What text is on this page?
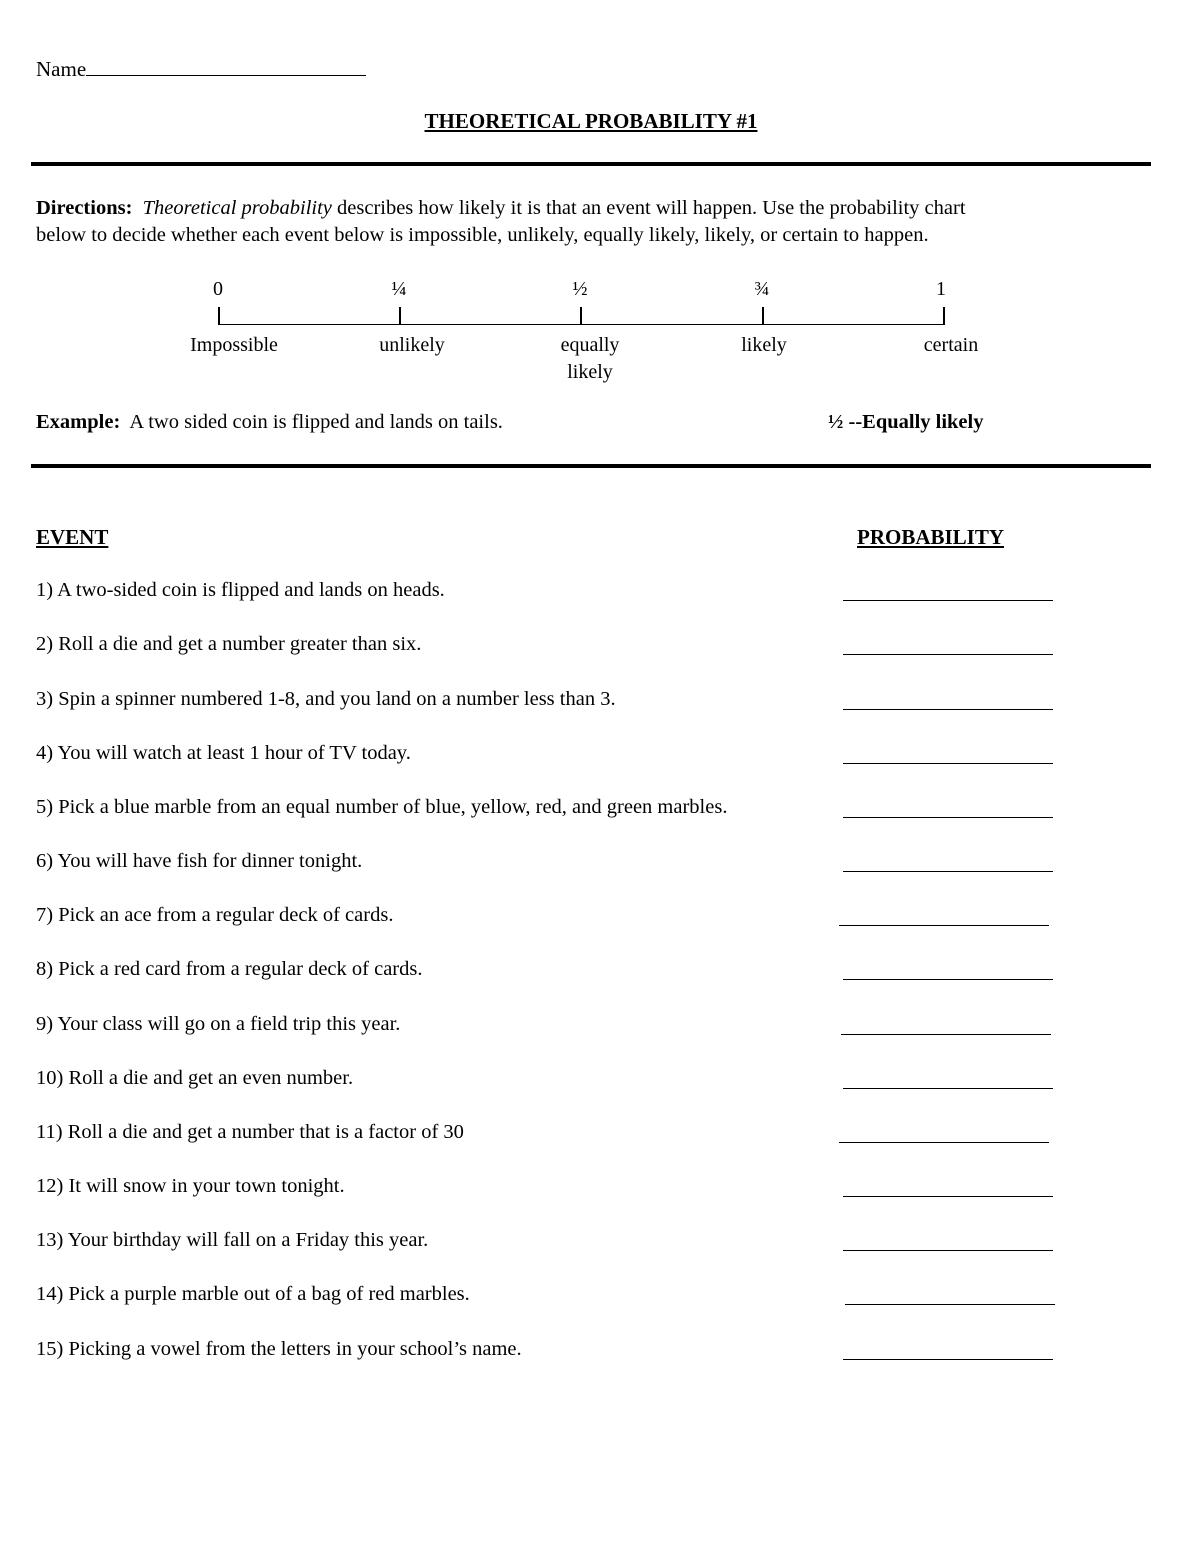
Name
THEORETICAL PROBABILITY #1
Directions: Theoretical probability describes how likely it is that an event will happen. Use the probability chart
below to decide whether each event below is impossible, unlikely, equally likely, likely, or certain to happen.
0	¼	½	¾	1
Impossible	unlikely	equally likely
likely	certain
Example: A two sided coin is flipped and lands on tails.	½ --Equally likely
EVENT	PROBABILITY
1) A two-sided coin is flipped and lands on heads.
2) Roll a die and get a number greater than six.
3) Spin a spinner numbered 1-8, and you land on a number less than 3.
4) You will watch at least 1 hour of TV today.
5) Pick a blue marble from an equal number of blue, yellow, red, and green marbles.
6) You will have fish for dinner tonight.
7) Pick an ace from a regular deck of cards.
8) Pick a red card from a regular deck of cards.
9) Your class will go on a field trip this year.
10) Roll a die and get an even number.
11) Roll a die and get a number that is a factor of 30
12) It will snow in your town tonight.
13) Your birthday will fall on a Friday this year.
14) Pick a purple marble out of a bag of red marbles.
15) Picking a vowel from the letters in your school’s name.
